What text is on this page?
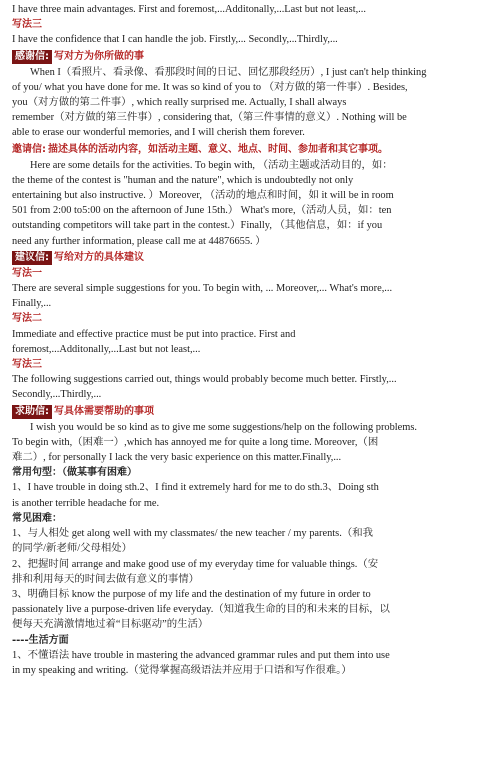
I have three main advantages. First and foremost,...Additonally,...Last but not least,...
写法三
I have the confidence that I can handle the job. Firstly,... Secondly,...Thirdly,...
感谢信: 写对方为你所做的事
When I（看照片、看录像、看那段时间的日记、回忆那段经历）, I just can't help thinking
of you/ what you have done for me. It was so kind of you to （对方做的第一件事）. Besides,
you（对方做的第二件事）, which really surprised me. Actually, I shall always
remember（对方做的第三件事）, considering that,（第三件事情的意义）. Nothing will be
able to erase our wonderful memories, and I will cherish them forever.
邀请信: 描述具体的活动内容，如活动主题、意义、地点、时间、参加者和其它事项。
Here are some details for the activities. To begin with, （活动主题或活动目的，如：
the theme of the contest is "human and the nature", which is undoubtedly not only
entertaining but also instructive. ）Moreover, （活动的地点和时间，如 it will be in room
501 from 2:00 to5:00 on the afternoon of June 15th.） What's more,（活动人员，如：ten
outstanding competitors will take part in the contest.）Finally, （其他信息，如：if you
need any further information, please call me at 44876655. ）
建议信: 写给对方的具体建议
写法一
There are several simple suggestions for you. To begin with, ... Moreover,... What's more,...
Finally,...
写法二
Immediate and effective practice must be put into practice. First and
foremost,...Additonally,...Last but not least,...
写法三
The following suggestions carried out, things would probably become much better. Firstly,...
Secondly,...Thirdly,...
求助信: 写具体需要帮助的事项
I wish you would be so kind as to give me some suggestions/help on the following problems.
To begin with,（困难一）,which has annoyed me for quite a long time. Moreover,（困
难二）, for personally I lack the very basic experience on this matter.Finally,...
常用句型：（做某事有困难）
1、I have trouble in doing sth.2、I find it extremely hard for me to do sth.3、Doing sth
is another terrible headache for me.
常见困难：
1、与人相处 get along well with my classmates/ the new teacher / my parents.（和我
的同学/新老师/父母相处）
2、把握时间 arrange and make good use of my everyday time for valuable things.（安
排和利用每天的时间去做有意义的事情）
3、明确目标 know the purpose of my life and the destination of my future in order to
passionately live a purpose-driven life everyday.（知道我生命的目的和未来的目标，以
便每天充满激情地过着“目标驱动”的生活）
----生活方面
1、不懂语法 have trouble in mastering the advanced grammar rules and put them into use
in my speaking and writing.（觉得掌握高级语法并应用于口语和写作很难。）
